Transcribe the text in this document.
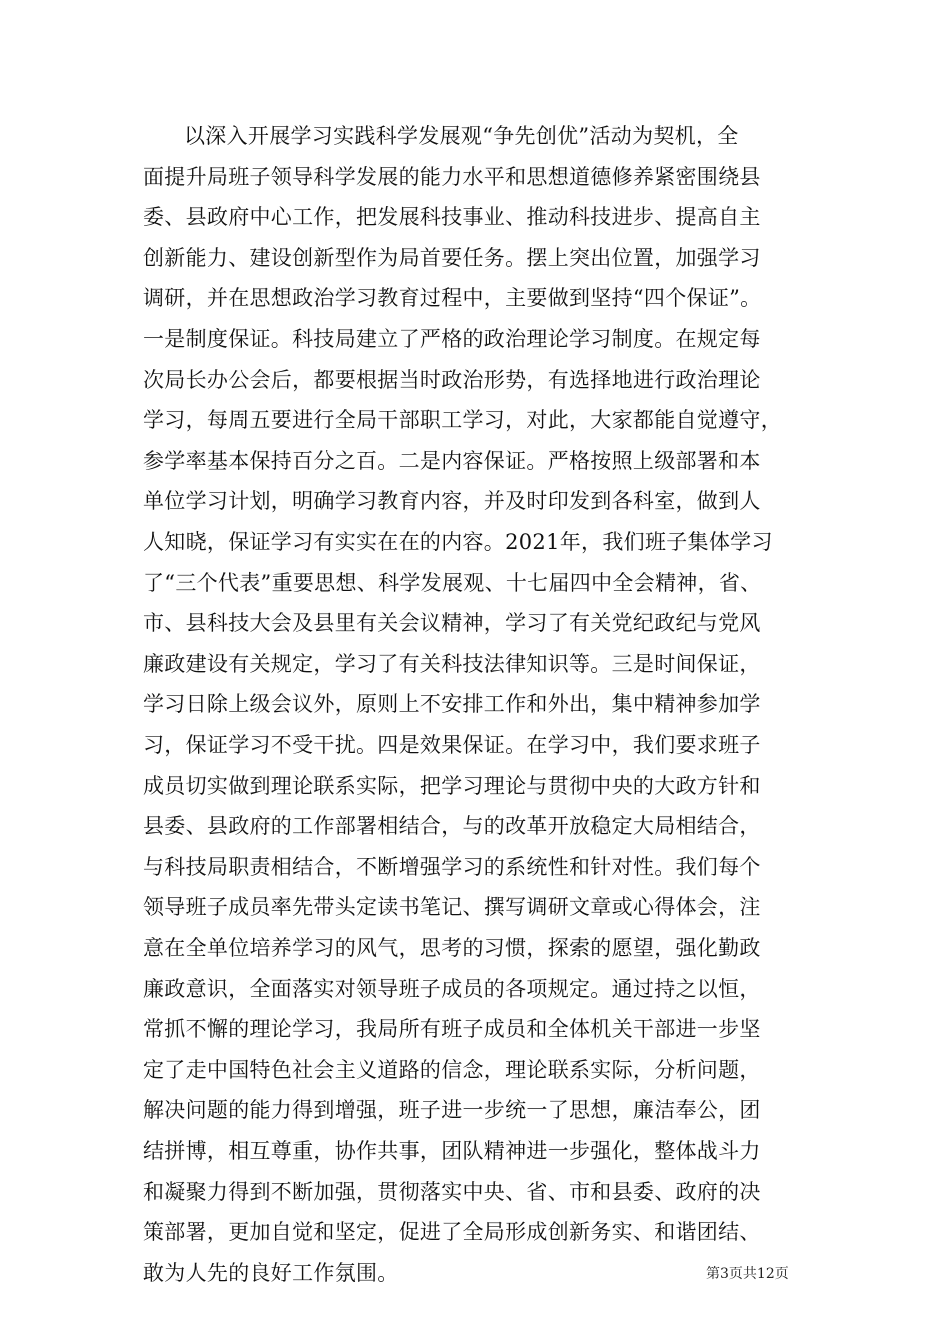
以深入开展学习实践科学发展观“争先创优”活动为契机，全
面提升局班子领导科学发展的能力水平和思想道德修养紧密围绕县
委、县政府中心工作，把发展科技事业、推动科技进步、提高自主
创新能力、建设创新型作为局首要任务。摆上突出位置，加强学习
调研，并在思想政治学习教育过程中，主要做到坚持“四个保证”。
一是制度保证。科技局建立了严格的政治理论学习制度。在规定每
次局长办公会后，都要根据当时政治形势，有选择地进行政治理论
学习，每周五要进行全局干部职工学习，对此，大家都能自觉遵守，
参学率基本保持百分之百。二是内容保证。严格按照上级部署和本
单位学习计划，明确学习教育内容，并及时印发到各科室，做到人
人知晓，保证学习有实实在在的内容。2021年，我们班子集体学习
了“三个代表”重要思想、科学发展观、十七届四中全会精神，省、
市、县科技大会及县里有关会议精神，学习了有关党纪政纪与党风
廉政建设有关规定，学习了有关科技法律知识等。三是时间保证，
学习日除上级会议外，原则上不安排工作和外出，集中精神参加学
习，保证学习不受干扰。四是效果保证。在学习中，我们要求班子
成员切实做到理论联系实际，把学习理论与贯彻中央的大政方针和
县委、县政府的工作部署相结合，与的改革开放稳定大局相结合，
与科技局职责相结合，不断增强学习的系统性和针对性。我们每个
领导班子成员率先带头定读书笔记、撰写调研文章或心得体会，注
意在全单位培养学习的风气，思考的习惯，探索的愿望，强化勤政
廉政意识，全面落实对领导班子成员的各项规定。通过持之以恒，
常抓不懈的理论学习，我局所有班子成员和全体机关干部进一步坚
定了走中国特色社会主义道路的信念，理论联系实际，分析问题，
解决问题的能力得到增强，班子进一步统一了思想，廉洁奉公，团
结拼博，相互尊重，协作共事，团队精神进一步强化，整体战斗力
和凝聚力得到不断加强，贯彻落实中央、省、市和县委、政府的决
策部署，更加自觉和坚定，促进了全局形成创新务实、和谐团结、
敢为人先的良好工作氛围。	第3页共12页
